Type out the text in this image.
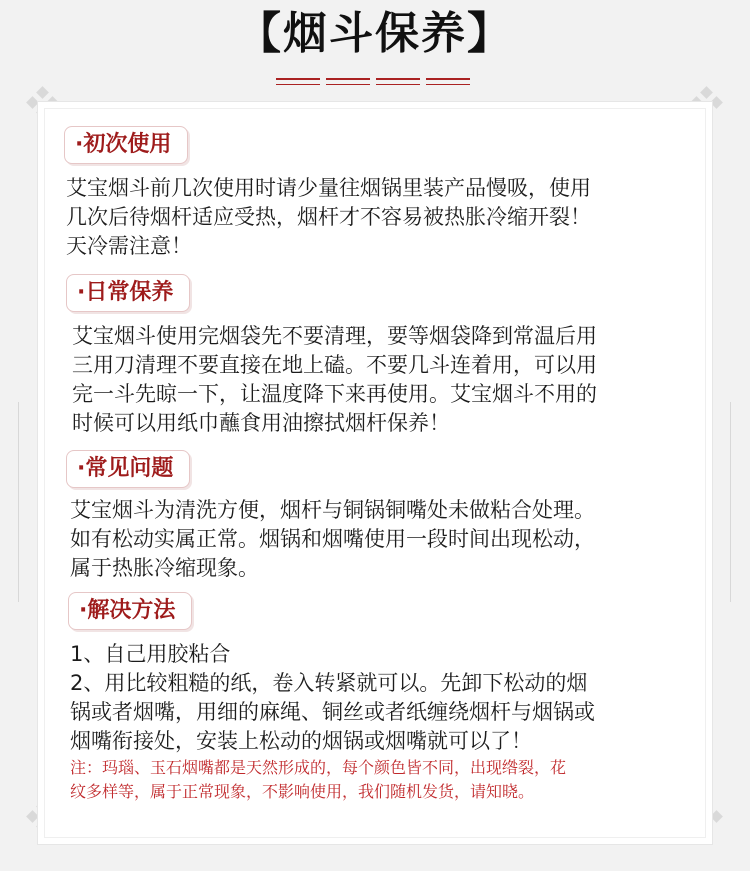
【烟斗保养】
·初次使用
艾宝烟斗前几次使用时请少量往烟锅里装产品慢吸，使用
几次后待烟杆适应受热，烟杆才不容易被热胀冷缩开裂！
天冷需注意！
·日常保养
艾宝烟斗使用完烟袋先不要清理，要等烟袋降到常温后用
三用刀清理不要直接在地上磕。不要几斗连着用，可以用
完一斗先晾一下，让温度降下来再使用。艾宝烟斗不用的
时候可以用纸巾蘸食用油擦拭烟杆保养！
·常见问题
艾宝烟斗为清洗方便，烟杆与铜锅铜嘴处未做粘合处理。
如有松动实属正常。烟锅和烟嘴使用一段时间出现松动，
属于热胀冷缩现象。
·解决方法
1、自己用胶粘合
2、用比较粗糙的纸，卷入转紧就可以。先卸下松动的烟
锅或者烟嘴，用细的麻绳、铜丝或者纸缠绕烟杆与烟锅或
烟嘴衔接处，安装上松动的烟锅或烟嘴就可以了！
注：玛瑙、玉石烟嘴都是天然形成的，每个颜色皆不同，出现绺裂，花
纹多样等，属于正常现象，不影响使用，我们随机发货，请知晓。
